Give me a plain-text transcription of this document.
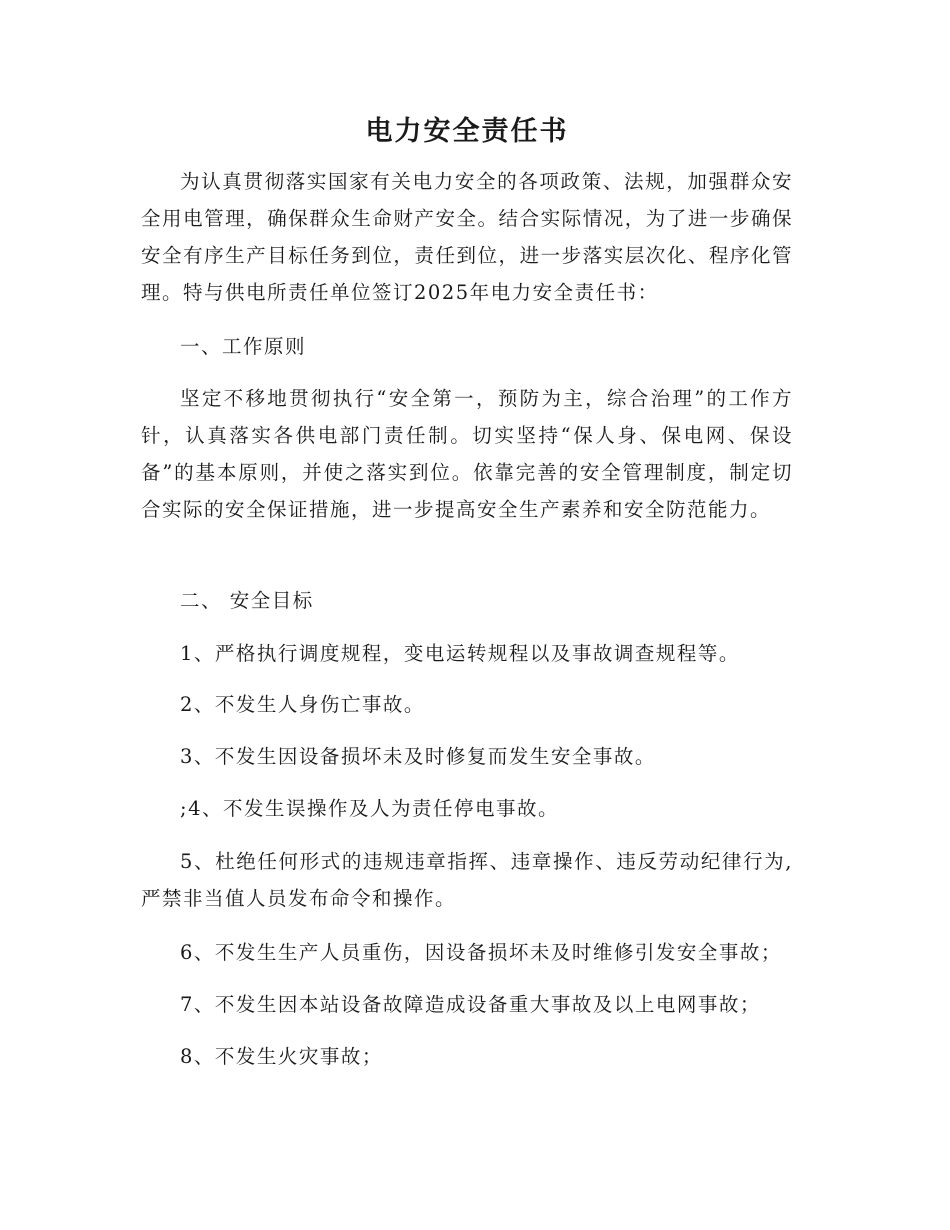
电力安全责任书

为认真贯彻落实国家有关电力安全的各项政策、法规，加强群众安全用电管理，确保群众生命财产安全。结合实际情况，为了进一步确保安全有序生产目标任务到位，责任到位，进一步落实层次化、程序化管理。特与供电所责任单位签订2025年电力安全责任书：

一、工作原则

坚定不移地贯彻执行“安全第一，预防为主，综合治理”的工作方针，认真落实各供电部门责任制。切实坚持“保人身、保电网、保设备”的基本原则，并使之落实到位。依靠完善的安全管理制度，制定切合实际的安全保证措施，进一步提高安全生产素养和安全防范能力。

二、 安全目标

1、严格执行调度规程，变电运转规程以及事故调查规程等。

2、不发生人身伤亡事故。

3、不发生因设备损坏未及时修复而发生安全事故。

;4、不发生误操作及人为责任停电事故。

5、杜绝任何形式的违规违章指挥、违章操作、违反劳动纪律行为,严禁非当值人员发布命令和操作。

6、不发生生产人员重伤，因设备损坏未及时维修引发安全事故；

7、不发生因本站设备故障造成设备重大事故及以上电网事故；

8、不发生火灾事故；
